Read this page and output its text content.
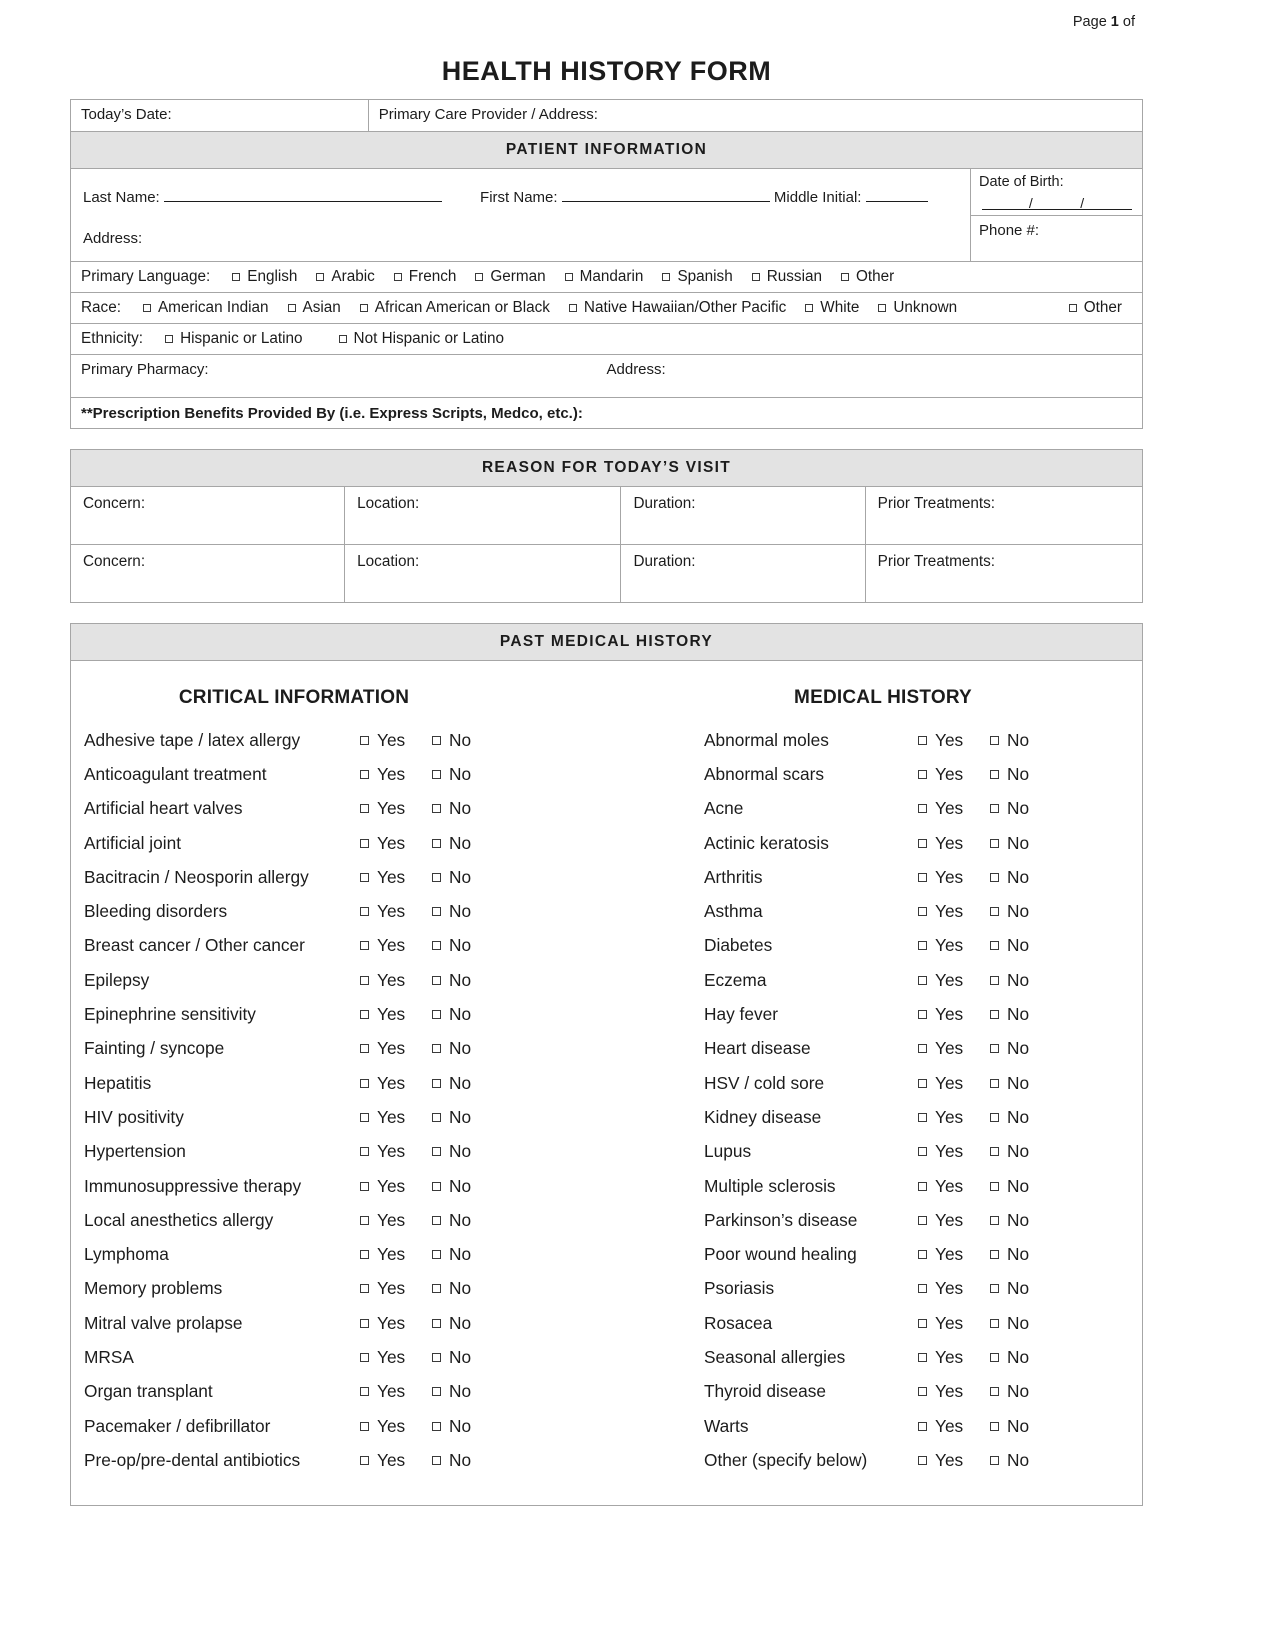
Page 1 of
HEALTH HISTORY FORM
Today’s Date:	Primary Care Provider / Address:
PATIENT INFORMATION
Last Name:	First Name:	Middle Initial:
Address:
Date of Birth:
/	/
Phone #:
Primary Language: English Arabic French German Mandarin Spanish Russian Other
Race: American Indian Asian African American or Black Native Hawaiian/Other Pacific White Unknown	Other
Ethnicity: Hispanic or Latino	Not Hispanic or Latino
Primary Pharmacy:	Address:
**Prescription Benefits Provided By (i.e. Express Scripts, Medco, etc.):
REASON FOR TODAY’S VISIT
Concern:	Location:	Duration:	Prior Treatments:
Concern:	Location:	Duration:	Prior Treatments:
PAST MEDICAL HISTORY
CRITICAL INFORMATION
Adhesive tape / latex allergy	Yes	No
Anticoagulant treatment	Yes	No
Artificial heart valves	Yes	No
Artificial joint	Yes	No
Bacitracin / Neosporin allergy	Yes	No
Bleeding disorders	Yes	No
Breast cancer / Other cancer	Yes	No
Epilepsy	Yes	No
Epinephrine sensitivity	Yes	No
Fainting / syncope	Yes	No
Hepatitis	Yes	No
HIV positivity	Yes	No
Hypertension	Yes	No
Immunosuppressive therapy	Yes	No
Local anesthetics allergy	Yes	No
Lymphoma	Yes	No
Memory problems	Yes	No
Mitral valve prolapse	Yes	No
MRSA	Yes	No
Organ transplant	Yes	No
Pacemaker / defibrillator	Yes	No
Pre-op/pre-dental antibiotics	Yes	No
MEDICAL HISTORY
Abnormal moles	Yes	No
Abnormal scars	Yes	No
Acne	Yes	No
Actinic keratosis	Yes	No
Arthritis	Yes	No
Asthma	Yes	No
Diabetes	Yes	No
Eczema	Yes	No
Hay fever	Yes	No
Heart disease	Yes	No
HSV / cold sore	Yes	No
Kidney disease	Yes	No
Lupus	Yes	No
Multiple sclerosis	Yes	No
Parkinson’s disease	Yes	No
Poor wound healing	Yes	No
Psoriasis	Yes	No
Rosacea	Yes	No
Seasonal allergies	Yes	No
Thyroid disease	Yes	No
Warts	Yes	No
Other (specify below)	Yes	No
